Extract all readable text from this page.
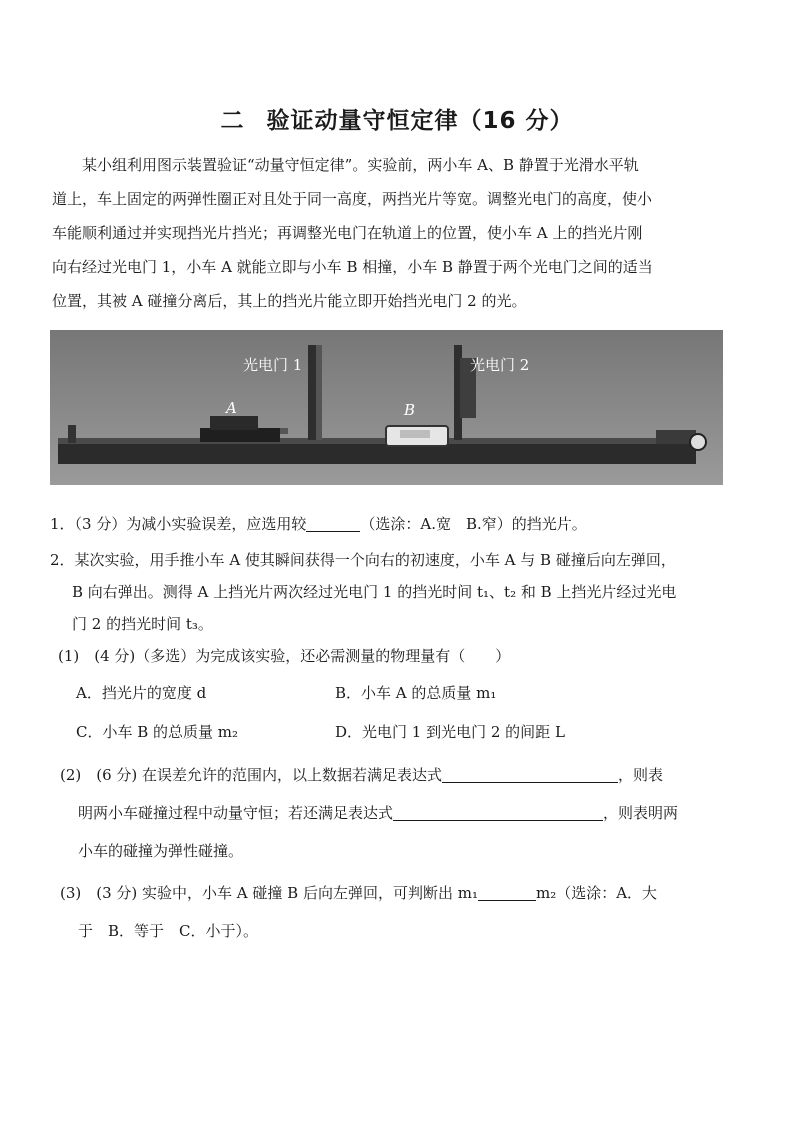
二 验证动量守恒定律（16 分）

某小组利用图示装置验证“动量守恒定律”。实验前，两小车 A、B 静置于光滑水平轨

道上，车上固定的两弹性圈正对且处于同一高度，两挡光片等宽。调整光电门的高度，使小

车能顺利通过并实现挡光片挡光；再调整光电门在轨道上的位置，使小车 A 上的挡光片刚

向右经过光电门 1，小车 A 就能立即与小车 B 相撞，小车 B 静置于两个光电门之间的适当

位置，其被 A 碰撞分离后，其上的挡光片能立即开始挡光电门 2 的光。

光电门 1	光电门 2
A	B
1．（3 分）为减小实验误差，应选用较	（选涂：A.宽　B.窄）的挡光片。
2．某次实验，用手推小车 A 使其瞬间获得一个向右的初速度，小车 A 与 B 碰撞后向左弹回，
B 向右弹出。测得 A 上挡光片两次经过光电门 1 的挡光时间 t₁、t₂ 和 B 上挡光片经过光电
门 2 的挡光时间 t₃。
(1)　(4 分)（多选）为完成该实验，还必需测量的物理量有（　　）
A．挡光片的宽度 d	B．小车 A 的总质量 m₁
C．小车 B 的总质量 m₂	D．光电门 1 到光电门 2 的间距 L
(2)　(6 分) 在误差允许的范围内，以上数据若满足表达式	，则表
明两小车碰撞过程中动量守恒；若还满足表达式	，则表明两
小车的碰撞为弹性碰撞。
(3)　(3 分) 实验中，小车 A 碰撞 B 后向左弹回，可判断出 m₁	m₂（选涂：A．大
于　B．等于　C．小于）。
